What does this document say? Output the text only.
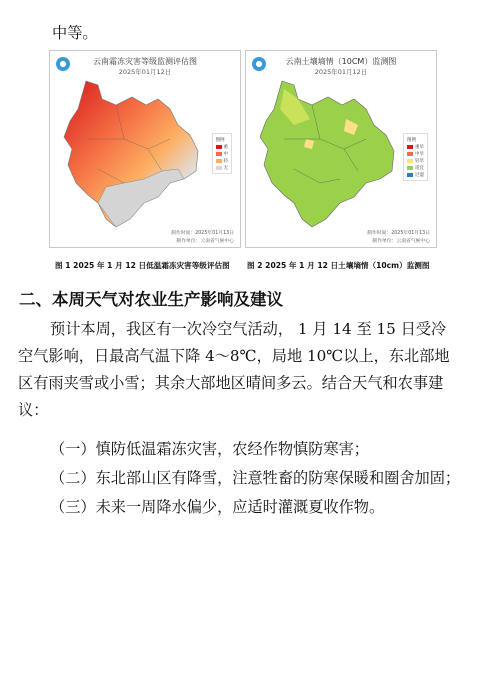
中等。
云南霜冻灾害等级监测评估图
2025年01月12日
图例
重
中
轻
无
制作时间：2025年01月13日
制作单位：云南省气候中心
云南土壤墒情（10CM）监测图
2025年01月12日
图例
重旱
中旱
轻旱
适宜
过湿
制作时间：2025年01月13日
制作单位：云南省气候中心
图 1 2025 年 1 月 12 日低温霜冻灾害等级评估图 图 2 2025 年 1 月 12 日土壤墒情（10cm）监测图
二、本周天气对农业生产影响及建议
预计本周，我区有一次冷空气活动， 1 月 14 至 15 日受冷
空气影响，日最高气温下降 4～8℃，局地 10℃以上，东北部地
区有雨夹雪或小雪；其余大部地区晴间多云。结合天气和农事建
议：
（一）慎防低温霜冻灾害，农经作物慎防寒害；
（二）东北部山区有降雪，注意牲畜的防寒保暖和圈舍加固；
（三）未来一周降水偏少，应适时灌溉夏收作物。
